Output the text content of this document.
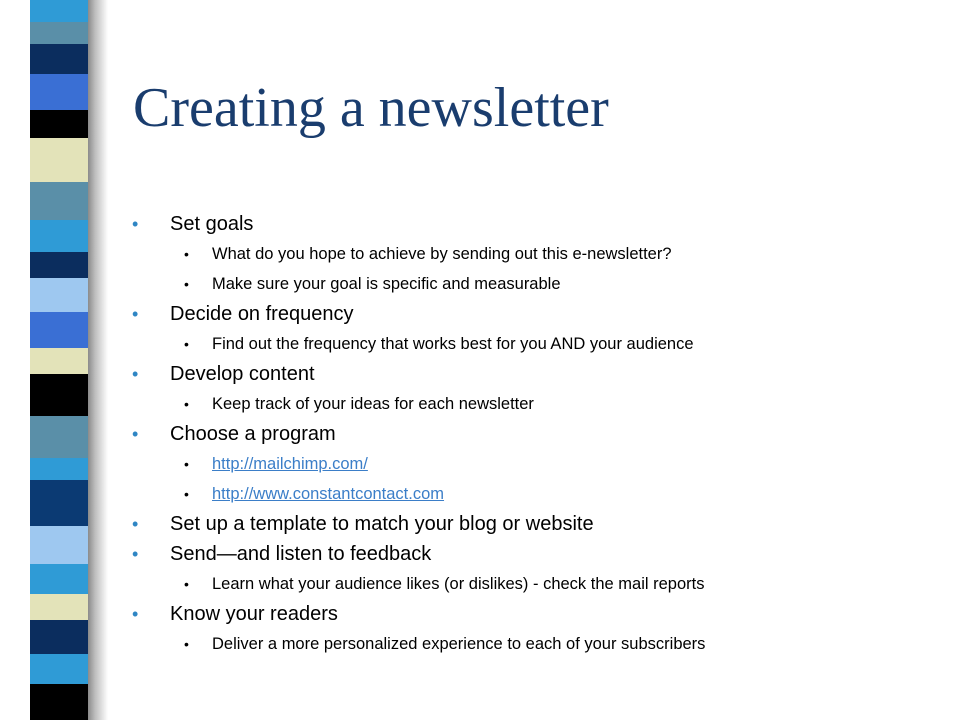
Creating a newsletter
• Set goals
• What do you hope to achieve by sending out this e-newsletter?
• Make sure your goal is specific and measurable
• Decide on frequency
• Find out the frequency that works best for you AND your audience
• Develop content
• Keep track of your ideas for each newsletter
• Choose a program
• http://mailchimp.com/
• http://www.constantcontact.com
• Set up a template to match your blog or website
• Send—and listen to feedback
• Learn what your audience likes (or dislikes) - check the mail reports
• Know your readers
• Deliver a more personalized experience to each of your subscribers
